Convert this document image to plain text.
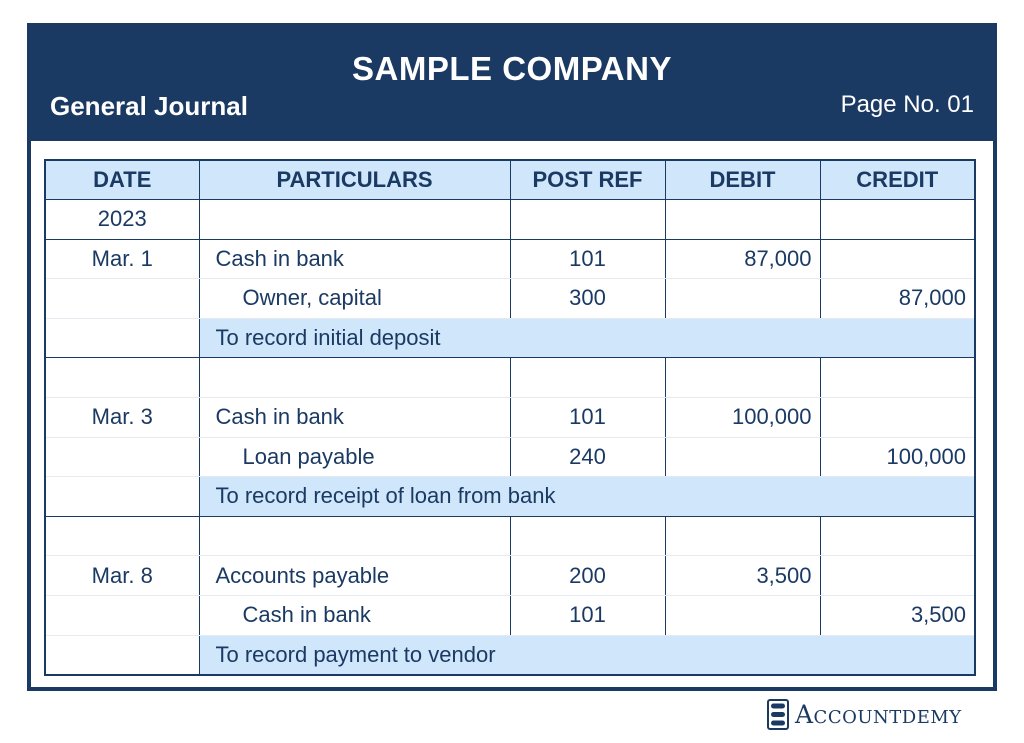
SAMPLE COMPANY
General Journal	Page No. 01
DATE	PARTICULARS	POST REF	DEBIT	CREDIT
2023				
Mar. 1	Cash in bank	101	87,000	
	Owner, capital	300		87,000
	To record initial deposit			

Mar. 3	Cash in bank	101	100,000	
	Loan payable	240		100,000
	To record receipt of loan from bank			

Mar. 8	Accounts payable	200	3,500	
	Cash in bank	101		3,500
	To record payment to vendor			
Accountdemy
